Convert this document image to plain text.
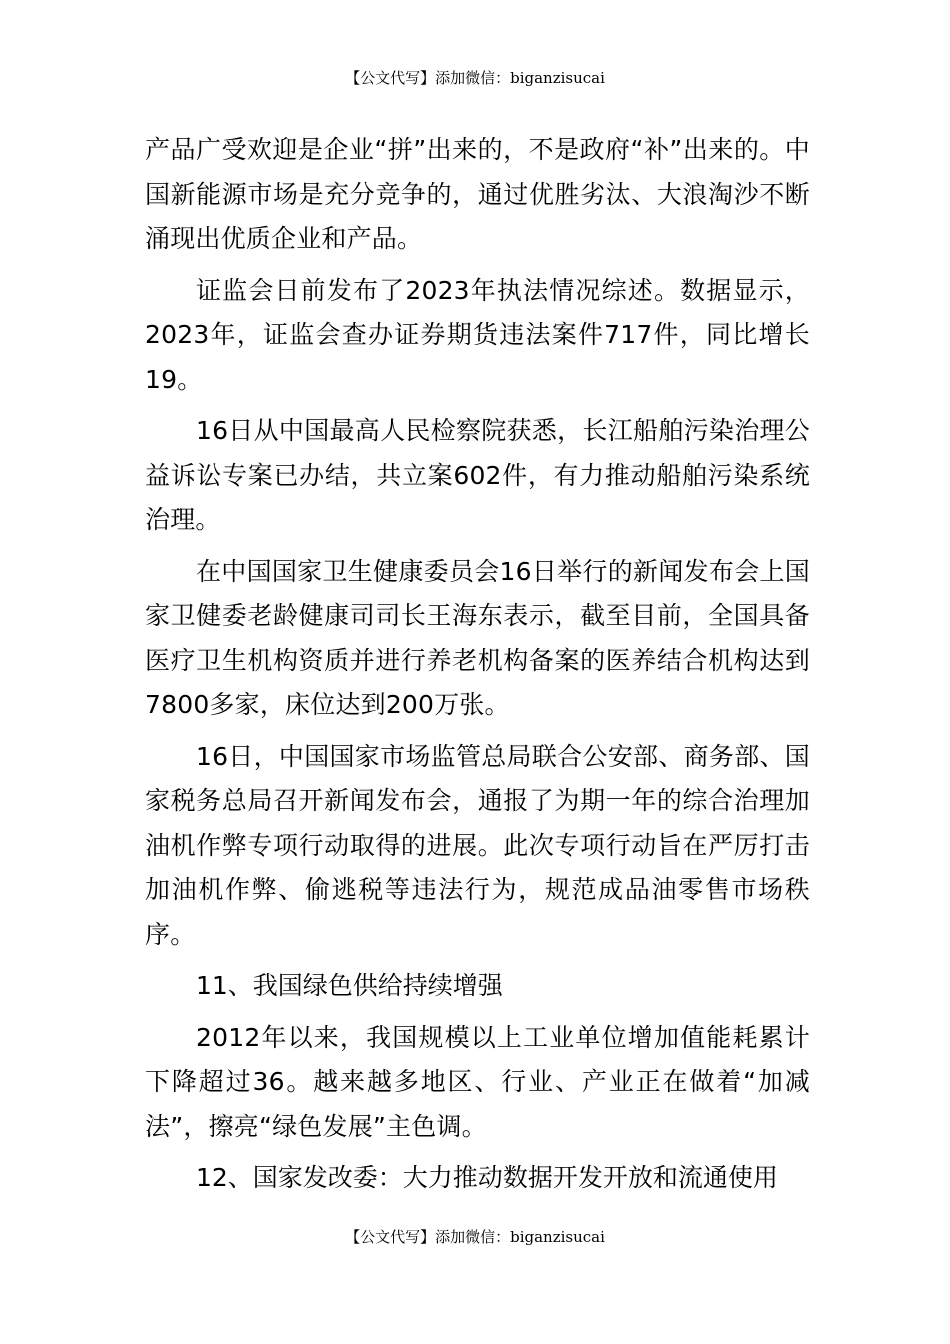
【公文代写】添加微信：biganzisucai

产品广受欢迎是企业“拼”出来的，不是政府“补”出来的。中国新能源市场是充分竞争的，通过优胜劣汰、大浪淘沙不断涌现出优质企业和产品。

证监会日前发布了2023年执法情况综述。数据显示，2023年，证监会查办证券期货违法案件717件，同比增长19。

16日从中国最高人民检察院获悉，长江船舶污染治理公益诉讼专案已办结，共立案602件，有力推动船舶污染系统治理。

在中国国家卫生健康委员会16日举行的新闻发布会上国家卫健委老龄健康司司长王海东表示，截至目前，全国具备医疗卫生机构资质并进行养老机构备案的医养结合机构达到7800多家，床位达到200万张。

16日，中国国家市场监管总局联合公安部、商务部、国家税务总局召开新闻发布会，通报了为期一年的综合治理加油机作弊专项行动取得的进展。此次专项行动旨在严厉打击加油机作弊、偷逃税等违法行为，规范成品油零售市场秩序。

11、我国绿色供给持续增强

2012年以来，我国规模以上工业单位增加值能耗累计下降超过36。越来越多地区、行业、产业正在做着“加减法”，擦亮“绿色发展”主色调。

12、国家发改委：大力推动数据开发开放和流通使用

【公文代写】添加微信：biganzisucai
